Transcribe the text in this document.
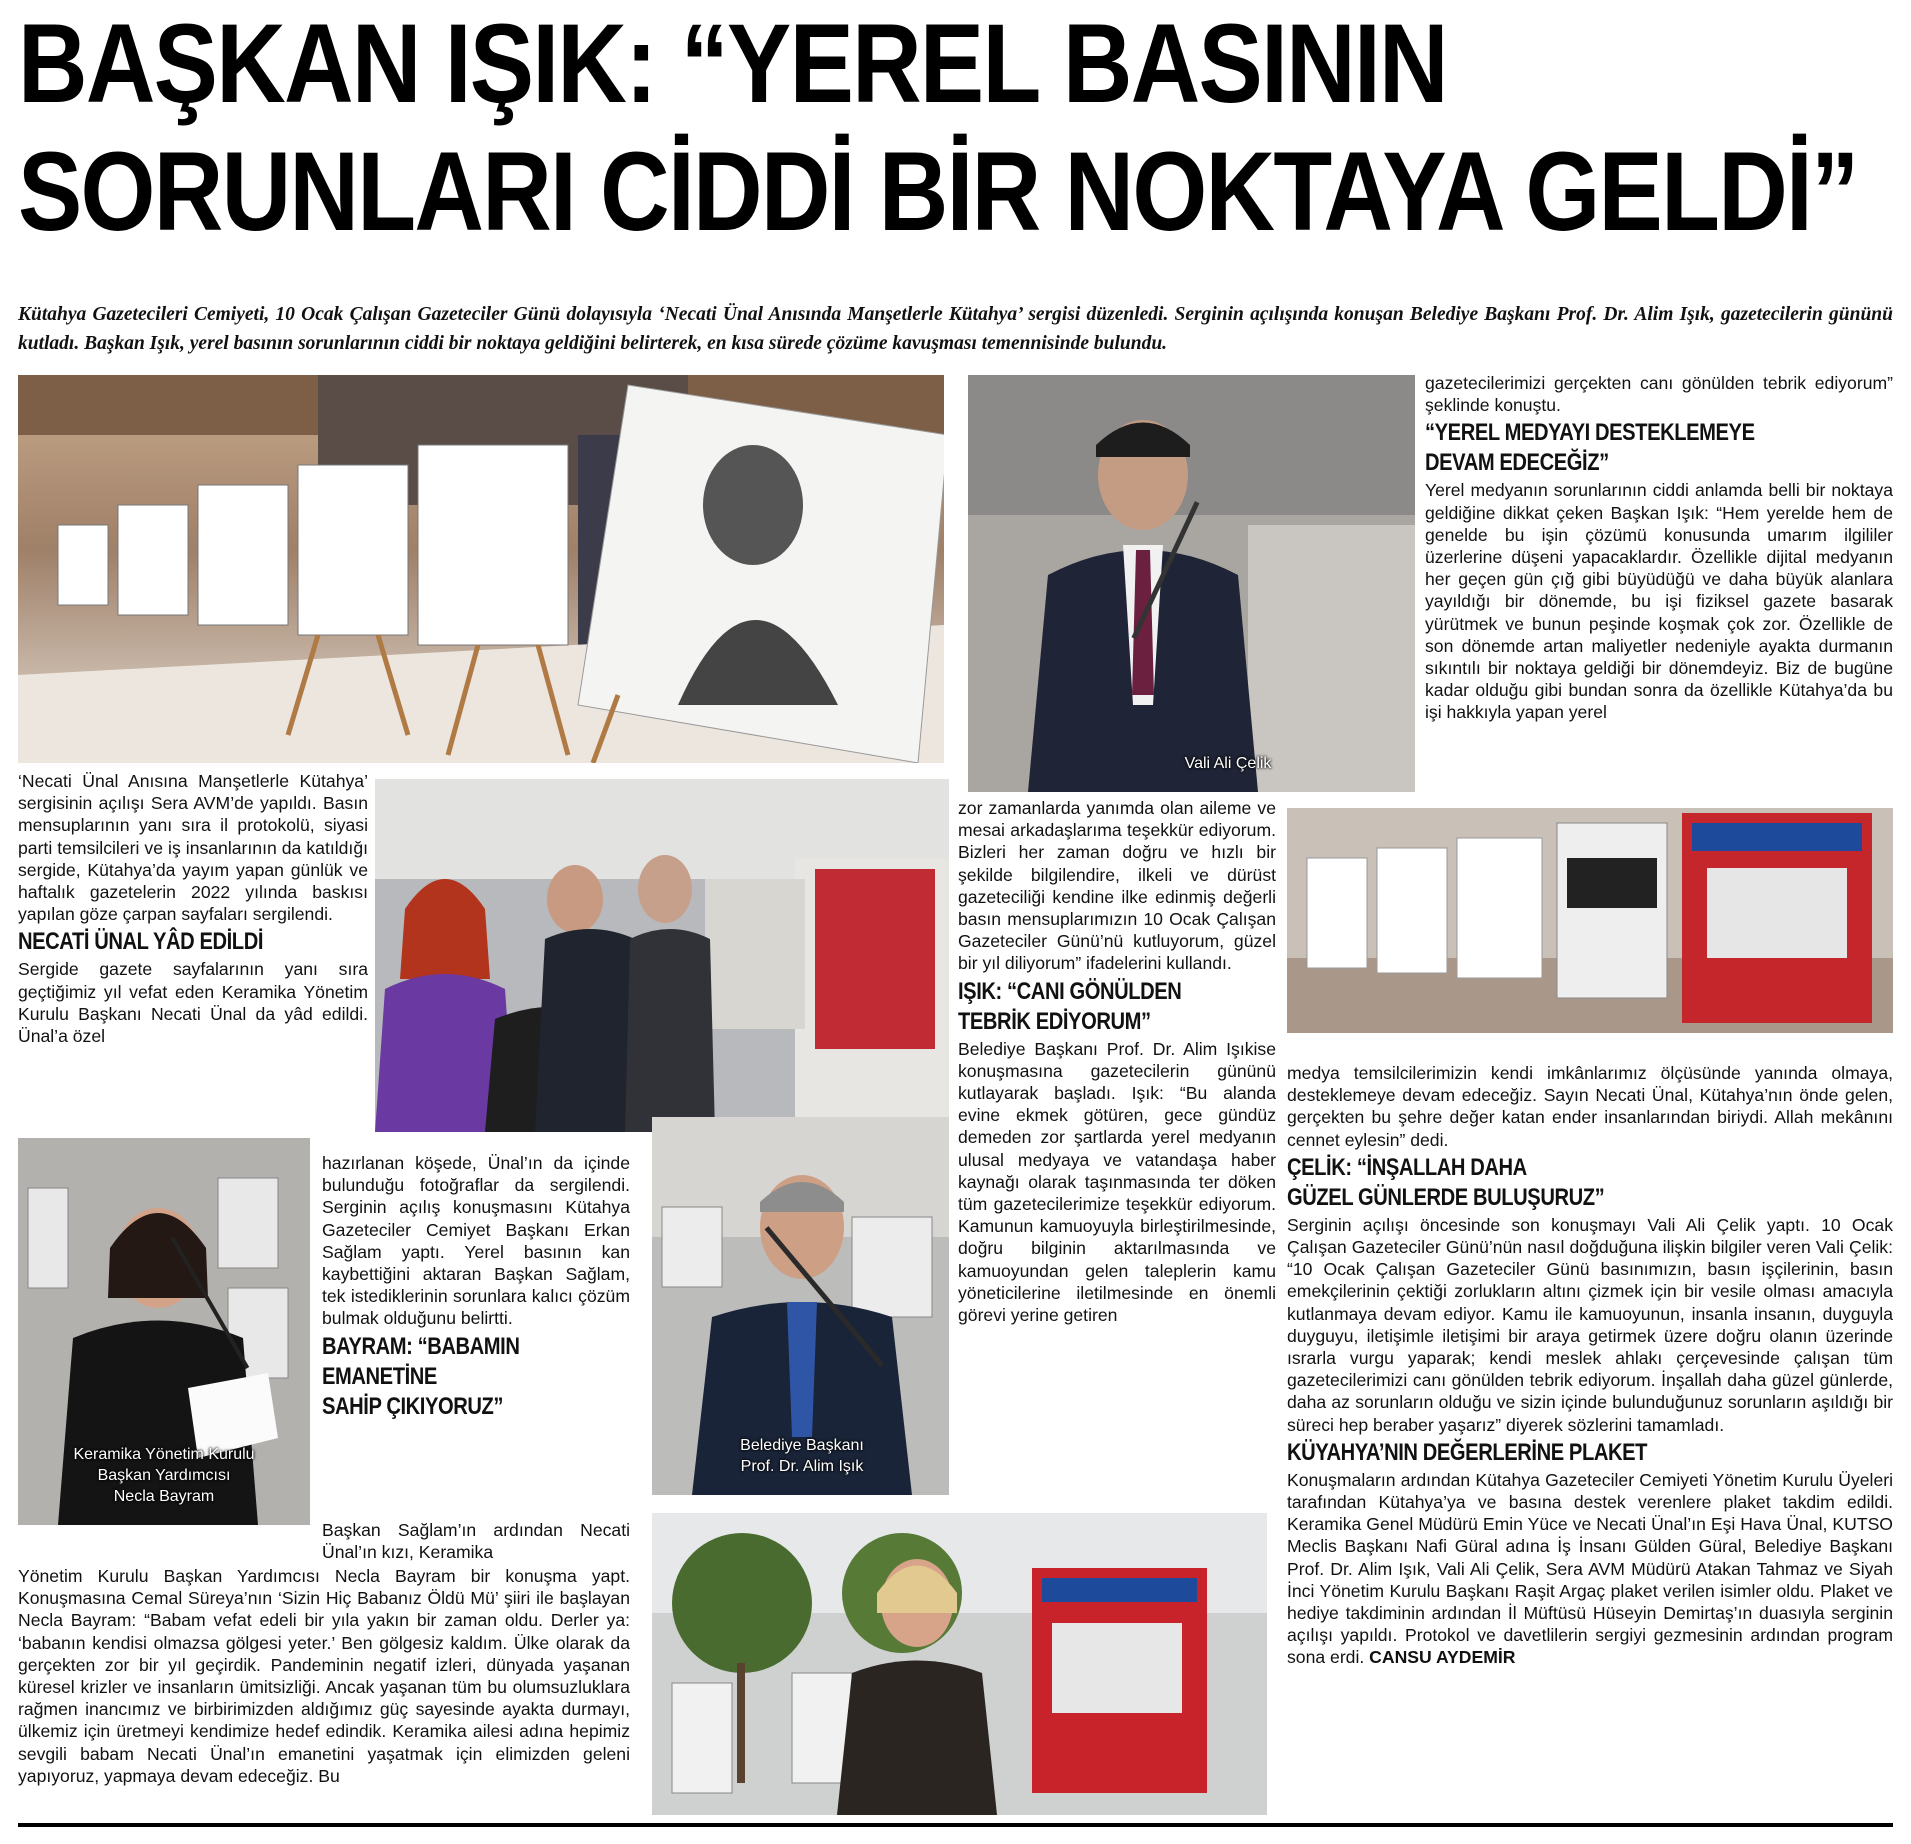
BAŞKAN IŞIK: “YEREL BASININ
SORUNLARI CİDDİ BİR NOKTAYA GELDİ”
Kütahya Gazetecileri Cemiyeti, 10 Ocak Çalışan Gazeteciler Günü dolayısıyla ‘Necati Ünal Anısında Manşetlerle Kütahya’ sergisi düzenledi. Serginin açılışında konuşan Belediye Başkanı Prof. Dr. Alim Işık, gazetecilerin gününü kutladı. Başkan Işık, yerel basının sorunlarının ciddi bir noktaya geldiğini belirterek, en kısa sürede çözüme kavuşması temennisinde bulundu.
Vali Ali Çelik
Keramika Yönetim Kurulu
Başkan Yardımcısı
Necla Bayram
Belediye Başkanı
Prof. Dr. Alim Işık

‘Necati Ünal Anısına Manşetlerle Kütahya’ sergisinin açılışı Sera AVM’de yapıldı. Basın mensuplarının yanı sıra il protokolü, siyasi parti temsilcileri ve iş insanlarının da katıldığı sergide, Kütahya’da yayım yapan günlük ve haftalık gazetelerin 2022 yılında baskısı yapılan göze çarpan sayfaları sergilendi.

NECATİ ÜNAL YÂD EDİLDİ

Sergide gazete sayfalarının yanı sıra geçtiğimiz yıl vefat eden Keramika Yönetim Kurulu Başkanı Necati Ünal da yâd edildi. Ünal’a özel

hazırlanan köşede, Ünal’ın da içinde bulunduğu fotoğraflar da sergilendi. Serginin açılış konuşmasını Kütahya Gazeteciler Cemiyet Başkanı Erkan Sağlam yaptı. Yerel basının kan kaybettiğini aktaran Başkan Sağlam, tek istediklerinin sorunlara kalıcı çözüm bulmak olduğunu belirtti.

BAYRAM: “BABAMIN
EMANETİNE
SAHİP ÇIKIYORUZ”

Başkan Sağlam’ın ardından Necati Ünal’ın kızı, Keramika

Yönetim Kurulu Başkan Yardımcısı Necla Bayram bir konuşma yapt. Konuşmasına Cemal Süreya’nın ‘Sizin Hiç Babanız Öldü Mü’ şiiri ile başlayan Necla Bayram: “Babam vefat edeli bir yıla yakın bir zaman oldu. Derler ya: ‘babanın kendisi olmazsa gölgesi yeter.’ Ben gölgesiz kaldım. Ülke olarak da gerçekten zor bir yıl geçirdik. Pandeminin negatif izleri, dünyada yaşanan küresel krizler ve insanların ümitsizliği. Ancak yaşanan tüm bu olumsuzluklara rağmen inancımız ve birbirimizden aldığımız güç sayesinde ayakta durmayı, ülkemiz için üretmeyi kendimize hedef edindik. Keramika ailesi adına hepimiz sevgili babam Necati Ünal’ın emanetini yaşatmak için elimizden geleni yapıyoruz, yapmaya devam edeceğiz. Bu

zor zamanlarda yanımda olan aileme ve mesai arkadaşlarıma teşekkür ediyorum. Bizleri her zaman doğru ve hızlı bir şekilde bilgilendire, ilkeli ve dürüst gazeteciliği kendine ilke edinmiş değerli basın mensuplarımızın 10 Ocak Çalışan Gazeteciler Günü’nü kutluyorum, güzel bir yıl diliyorum” ifadelerini kullandı.

IŞIK: “CANI GÖNÜLDEN
TEBRİK EDİYORUM”

Belediye Başkanı Prof. Dr. Alim Işıkise konuşmasına gazetecilerin gününü kutlayarak başladı. Işık: “Bu alanda evine ekmek götüren, gece gündüz demeden zor şartlarda yerel medyanın ulusal medyaya ve vatandaşa haber kaynağı olarak taşınmasında ter döken tüm gazetecilerimize teşekkür ediyorum. Kamunun kamuoyuyla birleştirilmesinde, doğru bilginin aktarılmasında ve kamuoyundan gelen taleplerin kamu yöneticilerine iletilmesinde en önemli görevi yerine getiren

gazetecilerimizi gerçekten canı gönülden tebrik ediyorum” şeklinde konuştu.

“YEREL MEDYAYI DESTEKLEMEYE
DEVAM EDECEĞİZ”

Yerel medyanın sorunlarının ciddi anlamda belli bir noktaya geldiğine dikkat çeken Başkan Işık: “Hem yerelde hem de genelde bu işin çözümü konusunda umarım ilgililer üzerlerine düşeni yapacaklardır. Özellikle dijital medyanın her geçen gün çığ gibi büyüdüğü ve daha büyük alanlara yayıldığı bir dönemde, bu işi fiziksel gazete basarak yürütmek ve bunun peşinde koşmak çok zor. Özellikle de son dönemde artan maliyetler nedeniyle ayakta durmanın sıkıntılı bir noktaya geldiği bir dönemdeyiz. Biz de bugüne kadar olduğu gibi bundan sonra da özellikle Kütahya’da bu işi hakkıyla yapan yerel

medya temsilcilerimizin kendi imkânlarımız ölçüsünde yanında olmaya, desteklemeye devam edeceğiz. Sayın Necati Ünal, Kütahya’nın önde gelen, gerçekten bu şehre değer katan ender insanlarından biriydi. Allah mekânını cennet eylesin” dedi.

ÇELİK: “İNŞALLAH DAHA
GÜZEL GÜNLERDE BULUŞURUZ”

Serginin açılışı öncesinde son konuşmayı Vali Ali Çelik yaptı. 10 Ocak Çalışan Gazeteciler Günü’nün nasıl doğduğuna ilişkin bilgiler veren Vali Çelik: “10 Ocak Çalışan Gazeteciler Günü basınımızın, basın işçilerinin, basın emekçilerinin çektiği zorlukların altını çizmek için bir vesile olması amacıyla kutlanmaya devam ediyor. Kamu ile kamuoyunun, insanla insanın, duyguyla duyguyu, iletişimle iletişimi bir araya getirmek üzere doğru olanın üzerinde ısrarla vurgu yaparak; kendi meslek ahlakı çerçevesinde çalışan tüm gazetecilerimizi canı gönülden tebrik ediyorum. İnşallah daha güzel günlerde, daha az sorunların olduğu ve sizin içinde bulunduğunuz sorunların aşıldığı bir süreci hep beraber yaşarız” diyerek sözlerini tamamladı.

KÜYAHYA’NIN DEĞERLERİNE PLAKET

Konuşmaların ardından Kütahya Gazeteciler Cemiyeti Yönetim Kurulu Üyeleri tarafından Kütahya’ya ve basına destek verenlere plaket takdim edildi. Keramika Genel Müdürü Emin Yüce ve Necati Ünal’ın Eşi Hava Ünal, KUTSO Meclis Başkanı Nafi Güral adına İş İnsanı Gülden Güral, Belediye Başkanı Prof. Dr. Alim Işık, Vali Ali Çelik, Sera AVM Müdürü Atakan Tahmaz ve Siyah İnci Yönetim Kurulu Başkanı Raşit Argaç plaket verilen isimler oldu. Plaket ve hediye takdiminin ardından İl Müftüsü Hüseyin Demirtaş’ın duasıyla serginin açılışı yapıldı. Protokol ve davetlilerin sergiyi gezmesinin ardından program sona erdi. CANSU AYDEMİR
